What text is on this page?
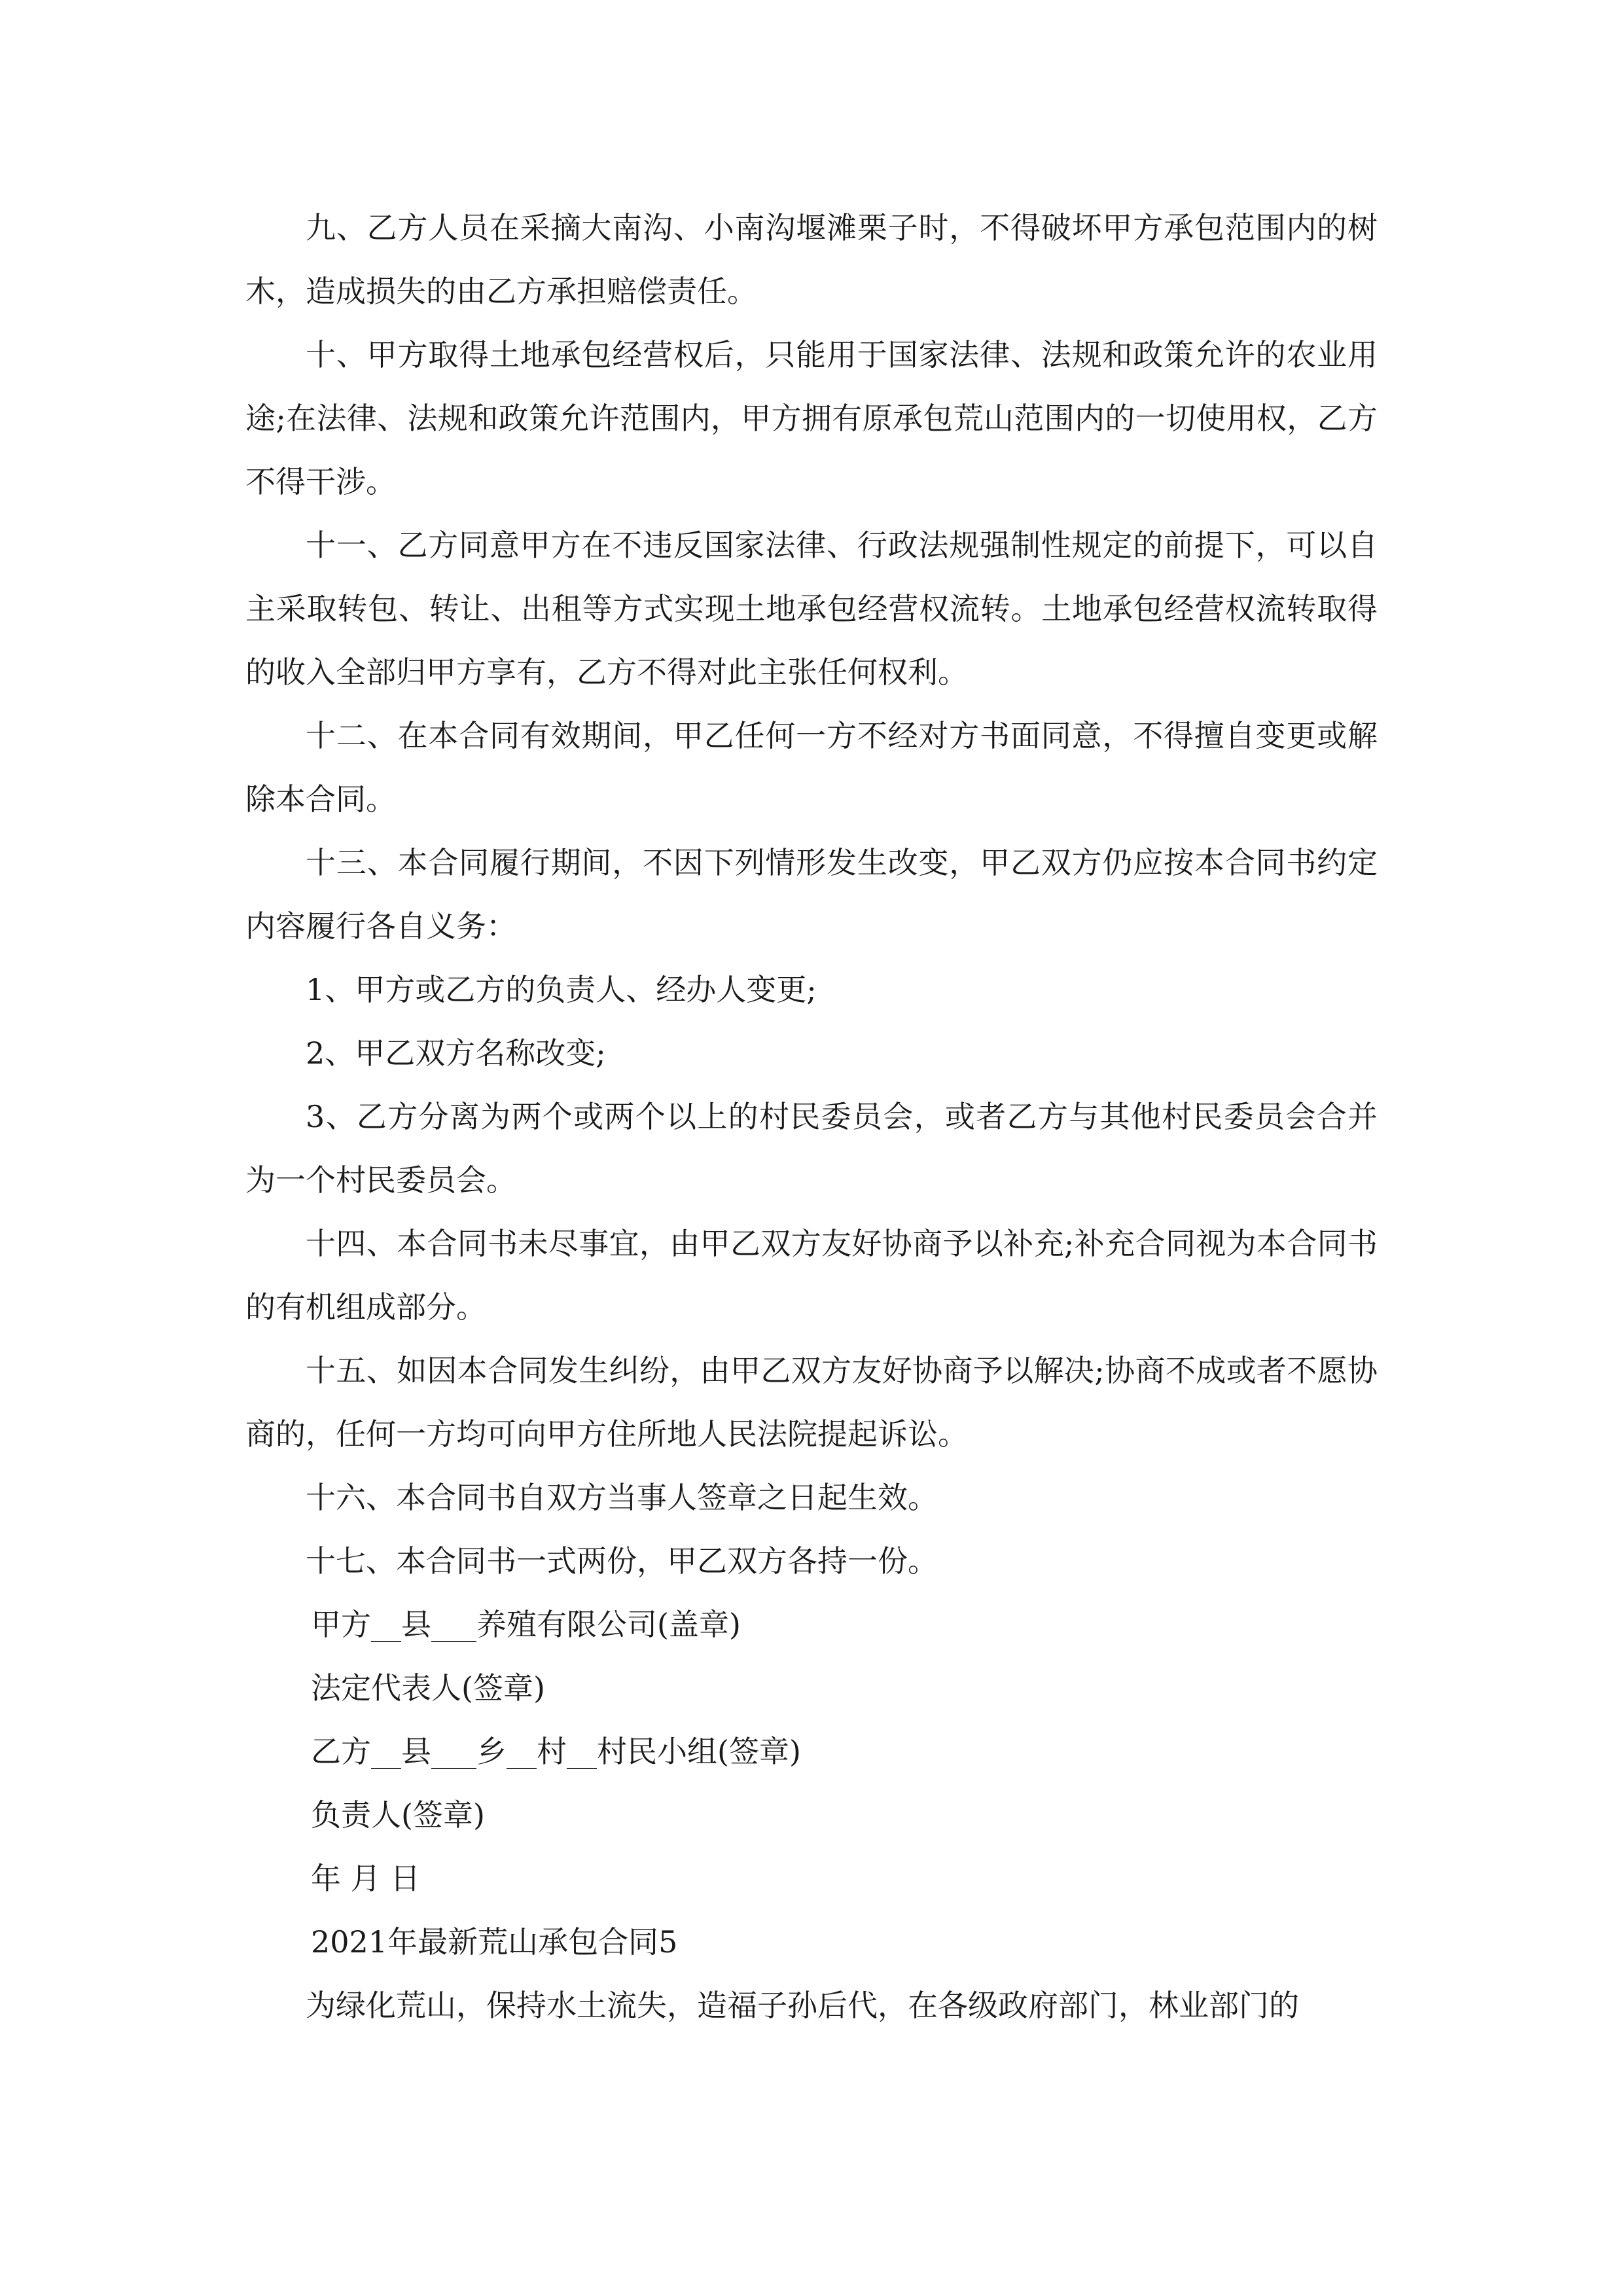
九、乙方人员在采摘大南沟、小南沟堰滩栗子时，不得破坏甲方承包范围内的树木，造成损失的由乙方承担赔偿责任。

十、甲方取得土地承包经营权后，只能用于国家法律、法规和政策允许的农业用途;在法律、法规和政策允许范围内，甲方拥有原承包荒山范围内的一切使用权，乙方不得干涉。

十一、乙方同意甲方在不违反国家法律、行政法规强制性规定的前提下，可以自主采取转包、转让、出租等方式实现土地承包经营权流转。土地承包经营权流转取得的收入全部归甲方享有，乙方不得对此主张任何权利。

十二、在本合同有效期间，甲乙任何一方不经对方书面同意，不得擅自变更或解除本合同。

十三、本合同履行期间，不因下列情形发生改变，甲乙双方仍应按本合同书约定内容履行各自义务：

1、甲方或乙方的负责人、经办人变更;

2、甲乙双方名称改变;

3、乙方分离为两个或两个以上的村民委员会，或者乙方与其他村民委员会合并为一个村民委员会。

十四、本合同书未尽事宜，由甲乙双方友好协商予以补充;补充合同视为本合同书的有机组成部分。

十五、如因本合同发生纠纷，由甲乙双方友好协商予以解决;协商不成或者不愿协商的，任何一方均可向甲方住所地人民法院提起诉讼。

十六、本合同书自双方当事人签章之日起生效。

十七、本合同书一式两份，甲乙双方各持一份。

甲方__县___养殖有限公司(盖章)

法定代表人(签章)

乙方__县___乡__村__村民小组(签章)

负责人(签章)

年 月 日

2021年最新荒山承包合同5

为绿化荒山，保持水土流失，造福子孙后代，在各级政府部门，林业部门的
